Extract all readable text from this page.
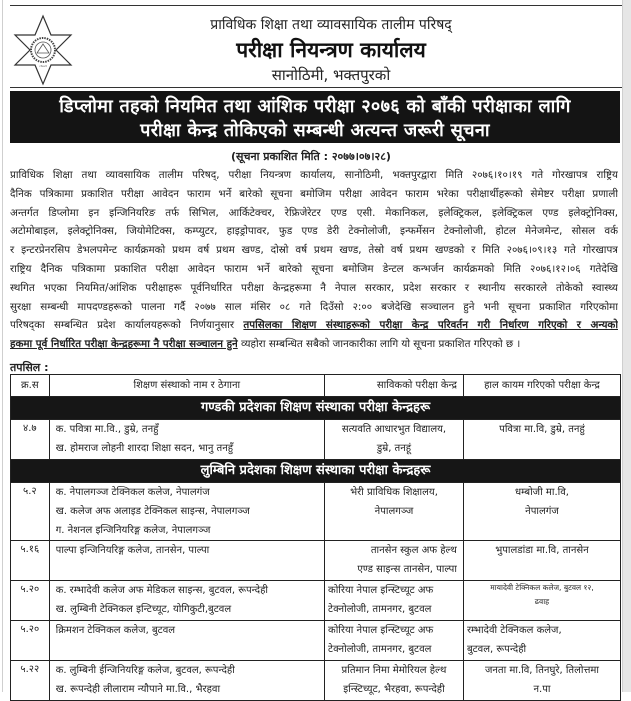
ctevt
प्राविधिक शिक्षा तथा व्यावसायिक तालीम परिषद्
परीक्षा नियन्त्रण कार्यालय
सानोठिमी, भक्तपुरको
डिप्लोमा तहको नियमित तथा आंशिक परीक्षा २०७६ को बाँकी परीक्षाका लागि
परीक्षा केन्द्र तोकिएको सम्बन्धी अत्यन्त जरूरी सूचना
(सूचना प्रकाशित मिति : २०७७।०७।२८)
प्राविधिक शिक्षा तथा व्यावसायिक तालीम परिषद्, परीक्षा नियन्त्रण कार्यालय, सानोठिमी, भक्तपुरद्वारा मिति २०७६।१०।१९ गते गोरखापत्र राष्ट्रिय
दैनिक पत्रिकामा प्रकाशित परीक्षा आवेदन फाराम भर्ने बारेको सूचना बमोजिम परीक्षा आवेदन फाराम भरेका परीक्षार्थीहरूको सेमेष्टर परीक्षा प्रणाली
अन्तर्गत डिप्लोमा इन इन्जिनियरिङ तर्फ सिभिल, आर्किटेक्चर, रेफ्रिजेरेटर एण्ड एसी. मेकानिकल, इलेक्ट्रिकल, इलेक्ट्रिकल एण्ड इलेक्ट्रोनिक्स,
अटोमोबाइल, इलेक्ट्रोनिक्स, जियोमेटिक्स, कम्प्युटर, हाइड्रोपावर, फुड एण्ड डेरी टेक्नोलोजी, इन्फर्मेसन टेक्नोलोजी, होटल मेनेजमेन्ट, सोसल वर्क
र इन्टरप्रेनरसिप डेभलपमेन्ट कार्यक्रमको प्रथम वर्ष प्रथम खण्ड, दोस्रो वर्ष प्रथम खण्ड, तेस्रो वर्ष प्रथम खण्डको र मिति २०७६।०९।१३ गते गोरखापत्र
राष्ट्रिय दैनिक पत्रिकामा प्रकाशित परीक्षा आवेदन फाराम भर्ने बारेको सूचना बमोजिम डेन्टल कन्भर्जन कार्यक्रमको मिति २०७६।१२।०६ गतेदेखि
स्थगित भएका नियमित/आंशिक परीक्षाहरू पूर्वनिर्धारित परीक्षा केन्द्रहरूमा नै नेपाल सरकार, प्रदेश सरकार र स्थानीय सरकारले तोकेको स्वास्थ्य
सुरक्षा सम्बन्धी मापदण्डहरूको पालना गर्दै २०७७ साल मंसिर ०८ गते दिउँसो २:०० बजेदेखि सञ्चालन हुने भनी सूचना प्रकाशित गरिएकोमा
परिषद्का सम्बन्धित प्रदेश कार्यालयहरूको निर्णयानुसार तपसिलका शिक्षण संस्थाहरूको परीक्षा केन्द्र परिवर्तन गरी निर्धारण गरिएको र अन्यको
हकमा पूर्व निर्धारित परीक्षा केन्द्रहरूमा नै परीक्षा सञ्चालन हुने व्यहोरा सम्बन्धित सबैको जानकारीका लागि यो सूचना प्रकाशित गरिएको छ ।
तपसिल :
क्र.स	शिक्षण संस्थाको नाम र ठेगाना	साविकको परीक्षा केन्द्र	हाल कायम गरिएको परीक्षा केन्द्र
गण्डकी प्रदेशका शिक्षण संस्थाका परीक्षा केन्द्रहरू			
४.७	क. पवित्रा मा.वि., डुम्रे, तनहुँ
ख. होमराज लोहनी शारदा शिक्षा सदन, भानु तनहुँ	सत्यवति आधारभुत विद्यालय,
डुम्रे, तनहूं	पवित्रा मा.वि, डुम्रे, तनहुं

लुम्बिनि प्रदेशका शिक्षण संस्थाका परीक्षा केन्द्रहरू			
५.२	क. नेपालगञ्ज टेक्निकल कलेज, नेपालगंज
ख. कलेज अफ अलाइड टेक्निकल साइन्स, नेपालगञ्ज
ग. नेशनल इन्जिनियरिङ्ग कलेज, नेपालगञ्ज	भेरी प्राविधिक शिक्षालय,
नेपालगञ्ज	धम्बोजी मा.वि,
नेपालगंज

५.१६	पाल्पा इन्जिनियरिङ्ग कलेज, तानसेन, पाल्पा	तानसेन स्कुल अफ हेल्थ
एण्ड साइन्स तानसेन, पाल्पा	भुपालडांडा मा.वि, तानसेन

५.२०	क. रम्भादेवी कलेज अफ मेडिकल साइन्स, बुटवल, रूपन्देही
ख. लुम्बिनी टेक्निकल इन्टिच्यूट, योगिकुटी,बुटवल	कोरिया नेपाल इन्स्टिच्यूट अफ
टेक्नोलोजी, तामनगर, बुटवल	मायादेवी टेक्निकल कलेज, बुटवल १२,
ढवाह

५.२०	क्रिमशन टेक्निकल कलेज, बुटवल	कोरिया नेपाल इन्स्टिच्यूट अफ
टेक्नोलोजी, तामनगर, बुटवल	रम्भादेवी टेक्निकल कलेज,
बुटवल, रूपन्देही

५.२२	क. लुम्बिनी ईन्जिनियरिङ्ग कलेज, बुटवल, रूपन्देही
ख. रूपन्देही लीलाराम न्यौपाने मा.वि., भैरहवा	प्रतिमान निमा मेमोरियल हेल्थ
इन्स्टिच्यूट, भैरहवा, रूपन्देही	जनता मा.वि, तिनघुरे, तिलोत्तमा
न.पा
